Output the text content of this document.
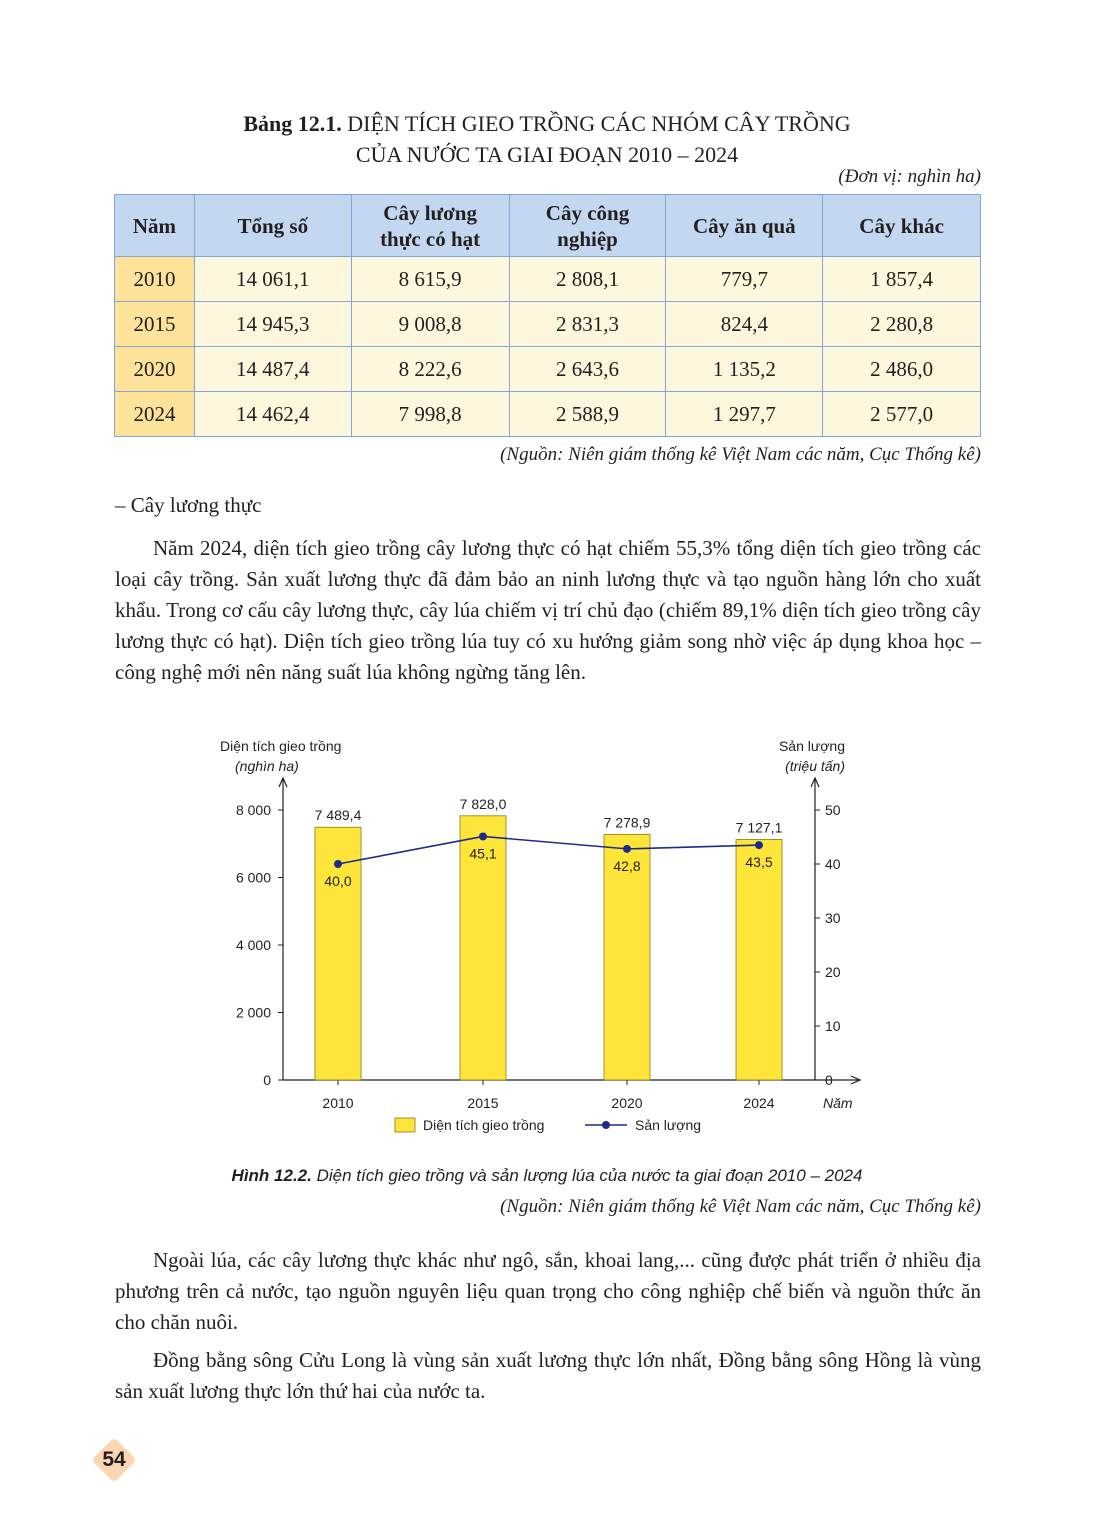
Bảng 12.1. DIỆN TÍCH GIEO TRỒNG CÁC NHÓM CÂY TRỒNG
CỦA NƯỚC TA GIAI ĐOẠN 2010 – 2024
(Đơn vị: nghìn ha)
Năm	Tổng số	Cây lương thực có hạt	Cây công nghiệp	Cây ăn quả	Cây khác
2010	14 061,1	8 615,9	2 808,1	779,7	1 857,4
2015	14 945,3	9 008,8	2 831,3	824,4	2 280,8
2020	14 487,4	8 222,6	2 643,6	1 135,2	2 486,0
2024	14 462,4	7 998,8	2 588,9	1 297,7	2 577,0
(Nguồn: Niên giám thống kê Việt Nam các năm, Cục Thống kê)
– Cây lương thực
Năm 2024, diện tích gieo trồng cây lương thực có hạt chiếm 55,3% tổng diện tích gieo trồng các loại cây trồng. Sản xuất lương thực đã đảm bảo an ninh lương thực và tạo nguồn hàng lớn cho xuất khẩu. Trong cơ cấu cây lương thực, cây lúa chiếm vị trí chủ đạo (chiếm 89,1% diện tích gieo trồng cây lương thực có hạt). Diện tích gieo trồng lúa tuy có xu hướng giảm song nhờ việc áp dụng khoa học – công nghệ mới nên năng suất lúa không ngừng tăng lên.
0
2 000
4 000
6 000
8 000
0
10
20
30
40
50
2010	2015	2020	2024
Diện tích gieo trồng
(nghìn ha)
Sản lượng
(triệu tấn)
Năm
7 489,4
7 828,0
7 278,9	7 127,1
40,0
45,1
42,8	43,5
Diện tích gieo trồng	Sản lượng
Hình 12.2. Diện tích gieo trồng và sản lượng lúa của nước ta giai đoạn 2010 – 2024
(Nguồn: Niên giám thống kê Việt Nam các năm, Cục Thống kê)
Ngoài lúa, các cây lương thực khác như ngô, sắn, khoai lang,... cũng được phát triển ở nhiều địa phương trên cả nước, tạo nguồn nguyên liệu quan trọng cho công nghiệp chế biến và nguồn thức ăn cho chăn nuôi.
Đồng bằng sông Cửu Long là vùng sản xuất lương thực lớn nhất, Đồng bằng sông Hồng là vùng sản xuất lương thực lớn thứ hai của nước ta.
54
